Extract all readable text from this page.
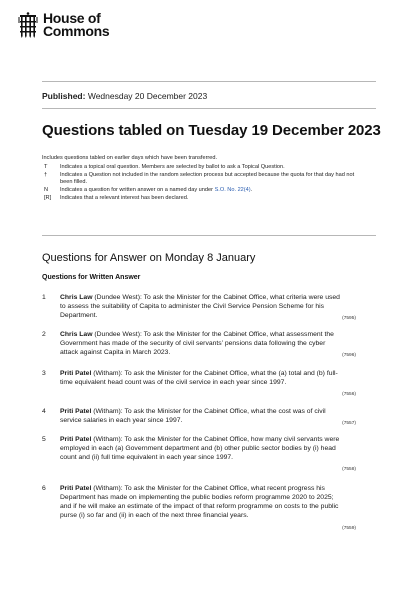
House of
Commons
Published: Wednesday 20 December 2023
Questions tabled on Tuesday 19 December 2023
Includes questions tabled on earlier days which have been transferred.
T	Indicates a topical oral question. Members are selected by ballot to ask a Topical Question.
†	Indicates a Question not included in the random selection process but accepted because the quota for that day had not been filled.
N	Indicates a question for written answer on a named day under S.O. No. 22(4).
[R]	Indicates that a relevant interest has been declared.
Questions for Answer on Monday 8 January
Questions for Written Answer
1	Chris Law (Dundee West): To ask the Minister for the Cabinet Office, what criteria were used to assess the suitability of Capita to administer the Civil Service Pension Scheme for his Department.	(7595)
2	Chris Law (Dundee West): To ask the Minister for the Cabinet Office, what assessment the Government has made of the security of civil servants’ pensions data following the cyber attack against Capita in March 2023.	(7596)
3	Priti Patel (Witham): To ask the Minister for the Cabinet Office, what the (a) total and (b) full-time equivalent head count was of the civil service in each year since 1997.
(7556)
4	Priti Patel (Witham): To ask the Minister for the Cabinet Office, what the cost was of civil service salaries in each year since 1997.	(7557)
5	Priti Patel (Witham): To ask the Minister for the Cabinet Office, how many civil servants were employed in each (a) Government department and (b) other public sector bodies by (i) head count and (ii) full time equivalent in each year since 1997.
(7558)
6	Priti Patel (Witham): To ask the Minister for the Cabinet Office, what recent progress his Department has made on implementing the public bodies reform programme 2020 to 2025; and if he will make an estimate of the impact of that reform programme on costs to the public purse (i) so far and (ii) in each of the next three financial years.
(7559)
